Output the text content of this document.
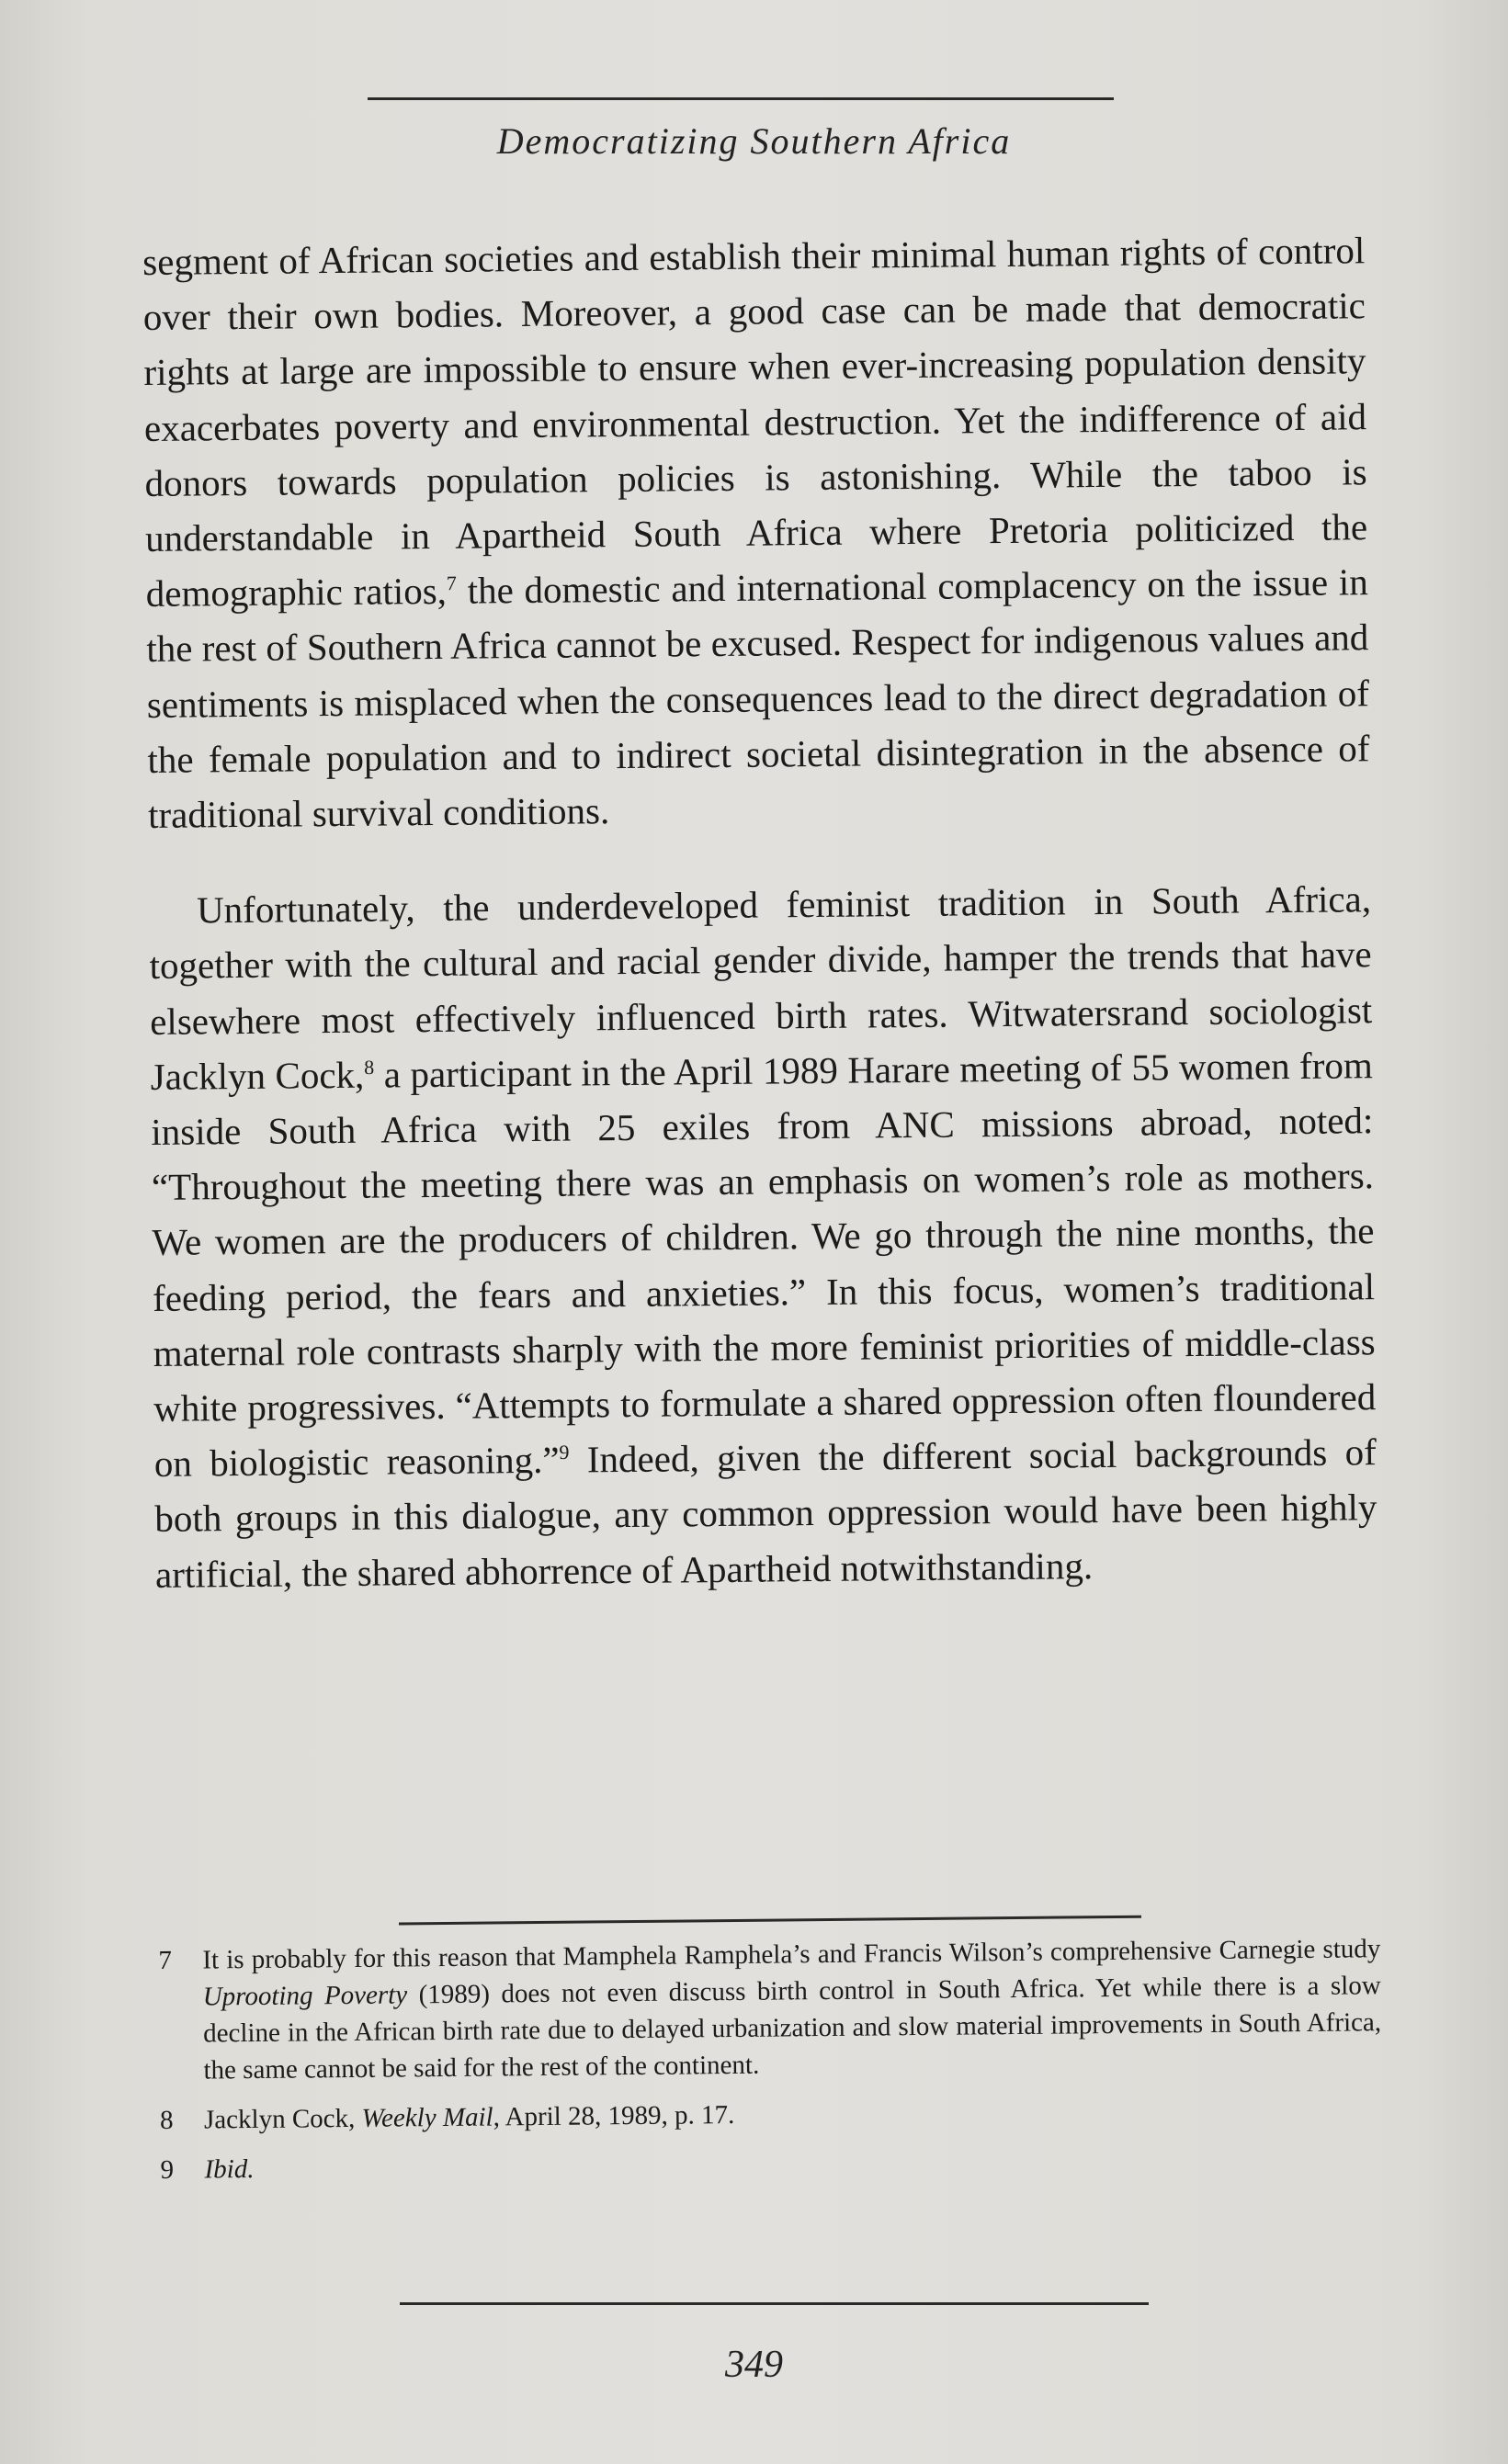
Democratizing Southern Africa

segment of African societies and establish their minimal human rights of control over their own bodies. Moreover, a good case can be made that democratic rights at large are impossible to ensure when ever-increasing population density exacerbates poverty and environmental destruction. Yet the indifference of aid donors towards population policies is astonishing. While the taboo is understandable in Apartheid South Africa where Pretoria politicized the demographic ratios,$^7$ the domestic and international complacency on the issue in the rest of Southern Africa cannot be excused. Respect for indigenous values and sentiments is misplaced when the consequences lead to the direct degradation of the female population and to indirect societal disintegration in the absence of traditional survival conditions.

Unfortunately, the underdeveloped feminist tradition in South Africa, together with the cultural and racial gender divide, hamper the trends that have elsewhere most effectively influenced birth rates. Witwatersrand sociologist Jacklyn Cock,$^8$ a participant in the April 1989 Harare meeting of 55 women from inside South Africa with 25 exiles from ANC missions abroad, noted: “Throughout the meeting there was an emphasis on women’s role as mothers. We women are the producers of children. We go through the nine months, the feeding period, the fears and anxieties.” In this focus, women’s traditional maternal role contrasts sharply with the more feminist priorities of middle-class white progressives. “Attempts to formulate a shared oppression often floundered on biologistic reasoning.”$^9$ Indeed, given the different social backgrounds of both groups in this dialogue, any common oppression would have been highly artificial, the shared abhorrence of Apartheid notwithstanding.

7	It is probably for this reason that Mamphela Ramphela’s and Francis Wilson’s comprehensive Carnegie study Uprooting Poverty (1989) does not even discuss birth control in South Africa. Yet while there is a slow decline in the African birth rate due to delayed urbanization and slow material improvements in South Africa, the same cannot be said for the rest of the continent.
8	Jacklyn Cock, Weekly Mail, April 28, 1989, p. 17.
9	Ibid.
349
